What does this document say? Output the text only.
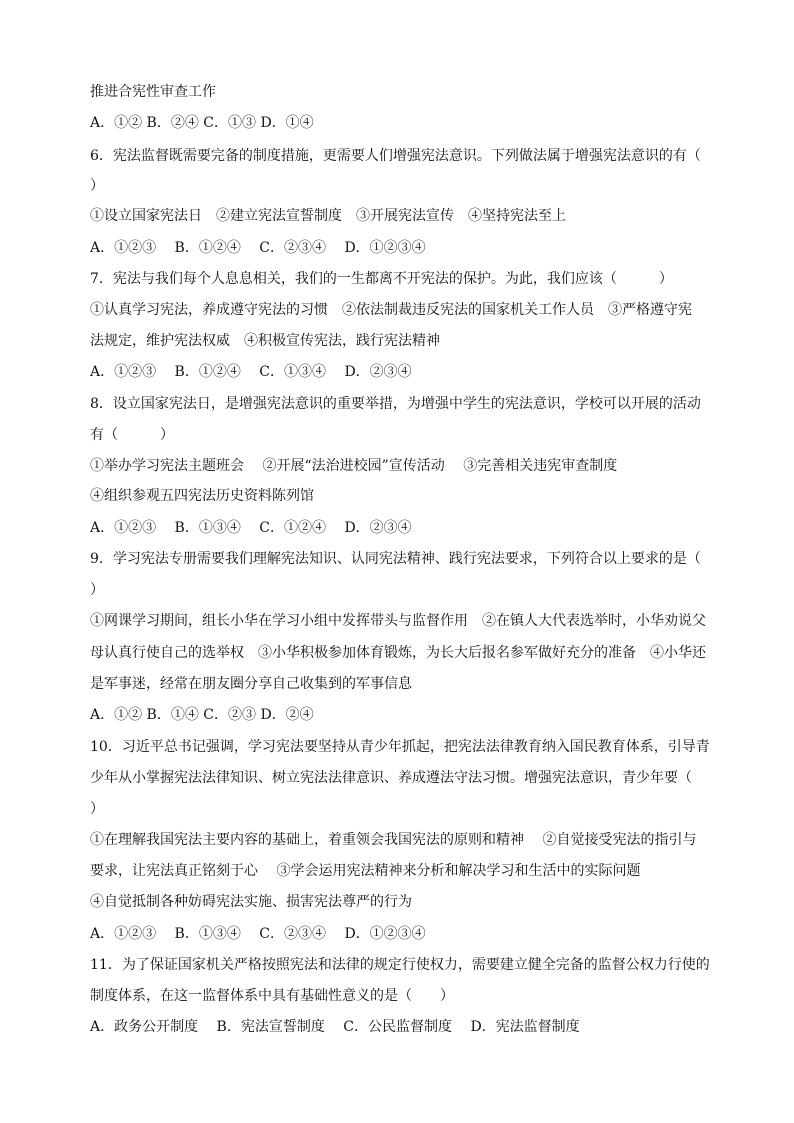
推进合宪性审查工作
A．①② B．②④ C．①③ D．①④
6．宪法监督既需要完备的制度措施，更需要人们增强宪法意识。下列做法属于增强宪法意识的有（
）
①设立国家宪法日　②建立宪法宣誓制度　③开展宪法宣传　④坚持宪法至上
A．①②③　 B．①②④　 C．②③④　 D．①②③④
7．宪法与我们每个人息息相关，我们的一生都离不开宪法的保护。为此，我们应该（　　　）
①认真学习宪法，养成遵守宪法的习惯　②依法制裁违反宪法的国家机关工作人员　③严格遵守宪
法规定，维护宪法权威　④积极宣传宪法，践行宪法精神
A．①②③　 B．①②④　 C．①③④　 D．②③④
8．设立国家宪法日，是增强宪法意识的重要举措，为增强中学生的宪法意识，学校可以开展的活动
有（　　　）
①举办学习宪法主题班会　 ②开展“法治进校园”宣传活动　 ③完善相关违宪审查制度
④组织参观五四宪法历史资料陈列馆
A．①②③　 B．①③④　 C．①②④　 D．②③④
9．学习宪法专册需要我们理解宪法知识、认同宪法精神、践行宪法要求，下列符合以上要求的是（
）
①网课学习期间，组长小华在学习小组中发挥带头与监督作用　②在镇人大代表选举时，小华劝说父
母认真行使自己的选举权　③小华积极参加体育锻炼，为长大后报名参军做好充分的准备　④小华还
是军事迷，经常在朋友圈分享自己收集到的军事信息
A．①② B．①④ C．②③ D．②④
10．习近平总书记强调，学习宪法要坚持从青少年抓起，把宪法法律教育纳入国民教育体系，引导青
少年从小掌握宪法法律知识、树立宪法法律意识、养成遵法守法习惯。增强宪法意识，青少年要（
）
①在理解我国宪法主要内容的基础上，着重领会我国宪法的原则和精神　 ②自觉接受宪法的指引与
要求，让宪法真正铭刻于心　 ③学会运用宪法精神来分析和解决学习和生活中的实际问题
④自觉抵制各种妨碍宪法实施、损害宪法尊严的行为
A．①②③　 B．①③④　 C．②③④　 D．①②③④
11．为了保证国家机关严格按照宪法和法律的规定行使权力，需要建立健全完备的监督公权力行使的
制度体系，在这一监督体系中具有基础性意义的是（　　）
A．政务公开制度　 B．宪法宣誓制度　 C．公民监督制度　 D．宪法监督制度
